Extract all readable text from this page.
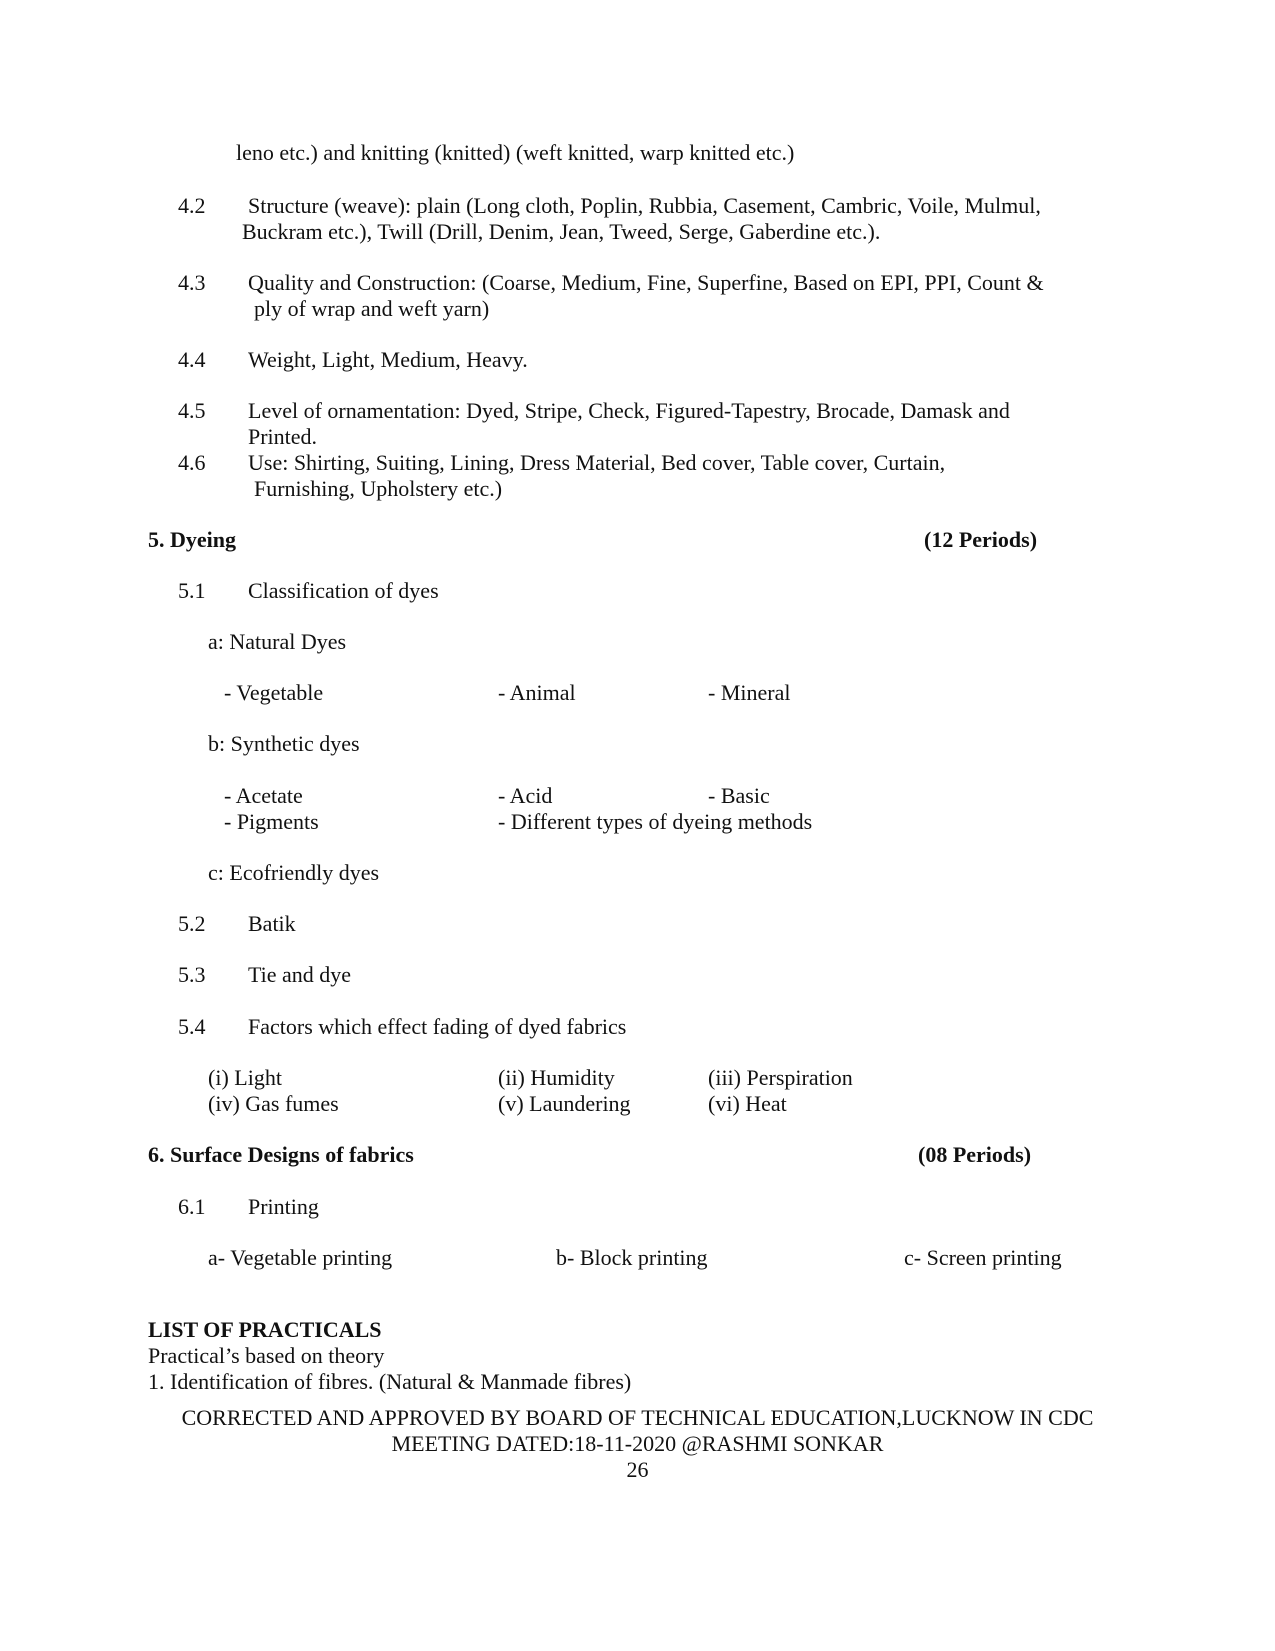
leno etc.) and knitting (knitted) (weft knitted, warp knitted etc.)
4.2 Structure (weave): plain (Long cloth, Poplin, Rubbia, Casement, Cambric, Voile, Mulmul,
Buckram etc.), Twill (Drill, Denim, Jean, Tweed, Serge, Gaberdine etc.).
4.3 Quality and Construction: (Coarse, Medium, Fine, Superfine, Based on EPI, PPI, Count &
ply of wrap and weft yarn)
4.4 Weight, Light, Medium, Heavy.
4.5 Level of ornamentation: Dyed, Stripe, Check, Figured-Tapestry, Brocade, Damask and
Printed.
4.6 Use: Shirting, Suiting, Lining, Dress Material, Bed cover, Table cover, Curtain,
Furnishing, Upholstery etc.)
5. Dyeing	(12 Periods)
5.1 Classification of dyes
a: Natural Dyes
- Vegetable	- Animal	- Mineral
b: Synthetic dyes
- Acetate	- Acid	- Basic
- Pigments	- Different types of dyeing methods
c: Ecofriendly dyes
5.2 Batik
5.3 Tie and dye
5.4 Factors which effect fading of dyed fabrics
(i) Light	(ii) Humidity	(iii) Perspiration
(iv) Gas fumes	(v) Laundering	(vi) Heat
6. Surface Designs of fabrics	(08 Periods)
6.1 Printing
a- Vegetable printing	b- Block printing	c- Screen printing
LIST OF PRACTICALS
Practical’s based on theory
1. Identification of fibres. (Natural & Manmade fibres)
CORRECTED AND APPROVED BY BOARD OF TECHNICAL EDUCATION,LUCKNOW IN CDC
MEETING DATED:18-11-2020 @RASHMI SONKAR
26
